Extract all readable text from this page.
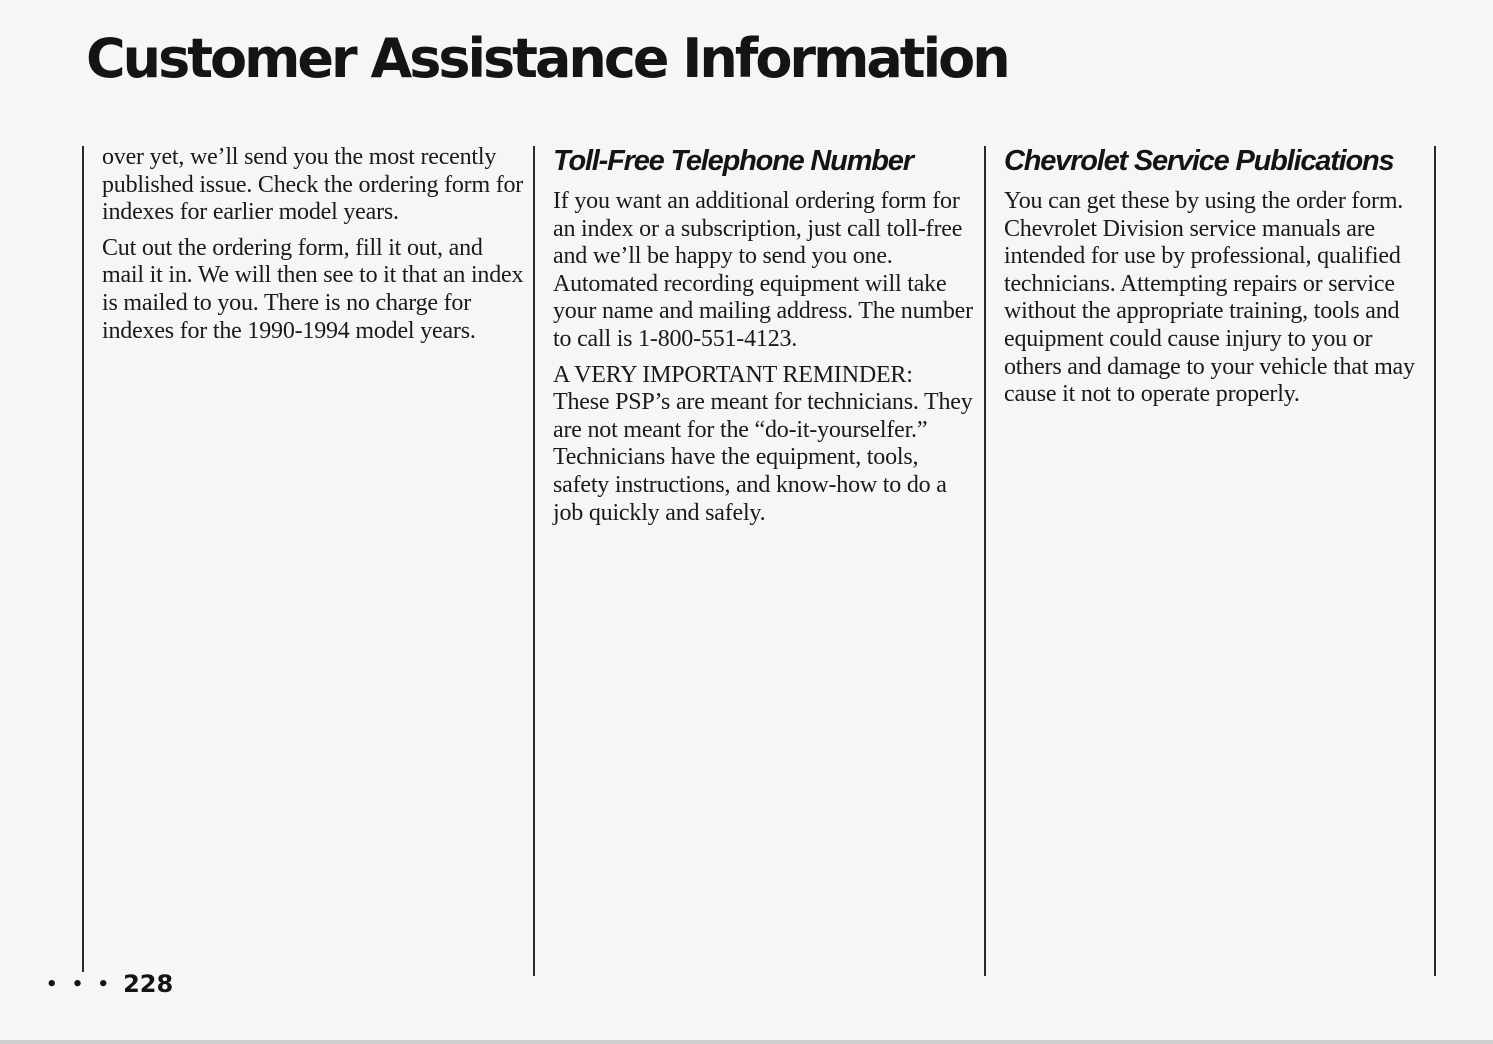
Customer Assistance Information

over yet, we’ll send you the most recently published issue. Check the ordering form for indexes for earlier model years.

Cut out the ordering form, fill it out, and mail it in. We will then see to it that an index is mailed to you. There is no charge for indexes for the 1990-1994 model years.

Toll-Free Telephone Number

If you want an additional ordering form for an index or a subscription, just call toll-free and we’ll be happy to send you one. Automated recording equipment will take your name and mailing address. The number to call is 1-800-551-4123.

A VERY IMPORTANT REMINDER: These PSP’s are meant for technicians. They are not meant for the “do-it-yourselfer.” Technicians have the equipment, tools, safety instructions, and know-how to do a job quickly and safely.

Chevrolet Service Publications

You can get these by using the order form. Chevrolet Division service manuals are intended for use by professional, qualified technicians. Attempting repairs or service without the appropriate training, tools and equipment could cause injury to you or others and damage to your vehicle that may cause it not to operate properly.

• • • 228
